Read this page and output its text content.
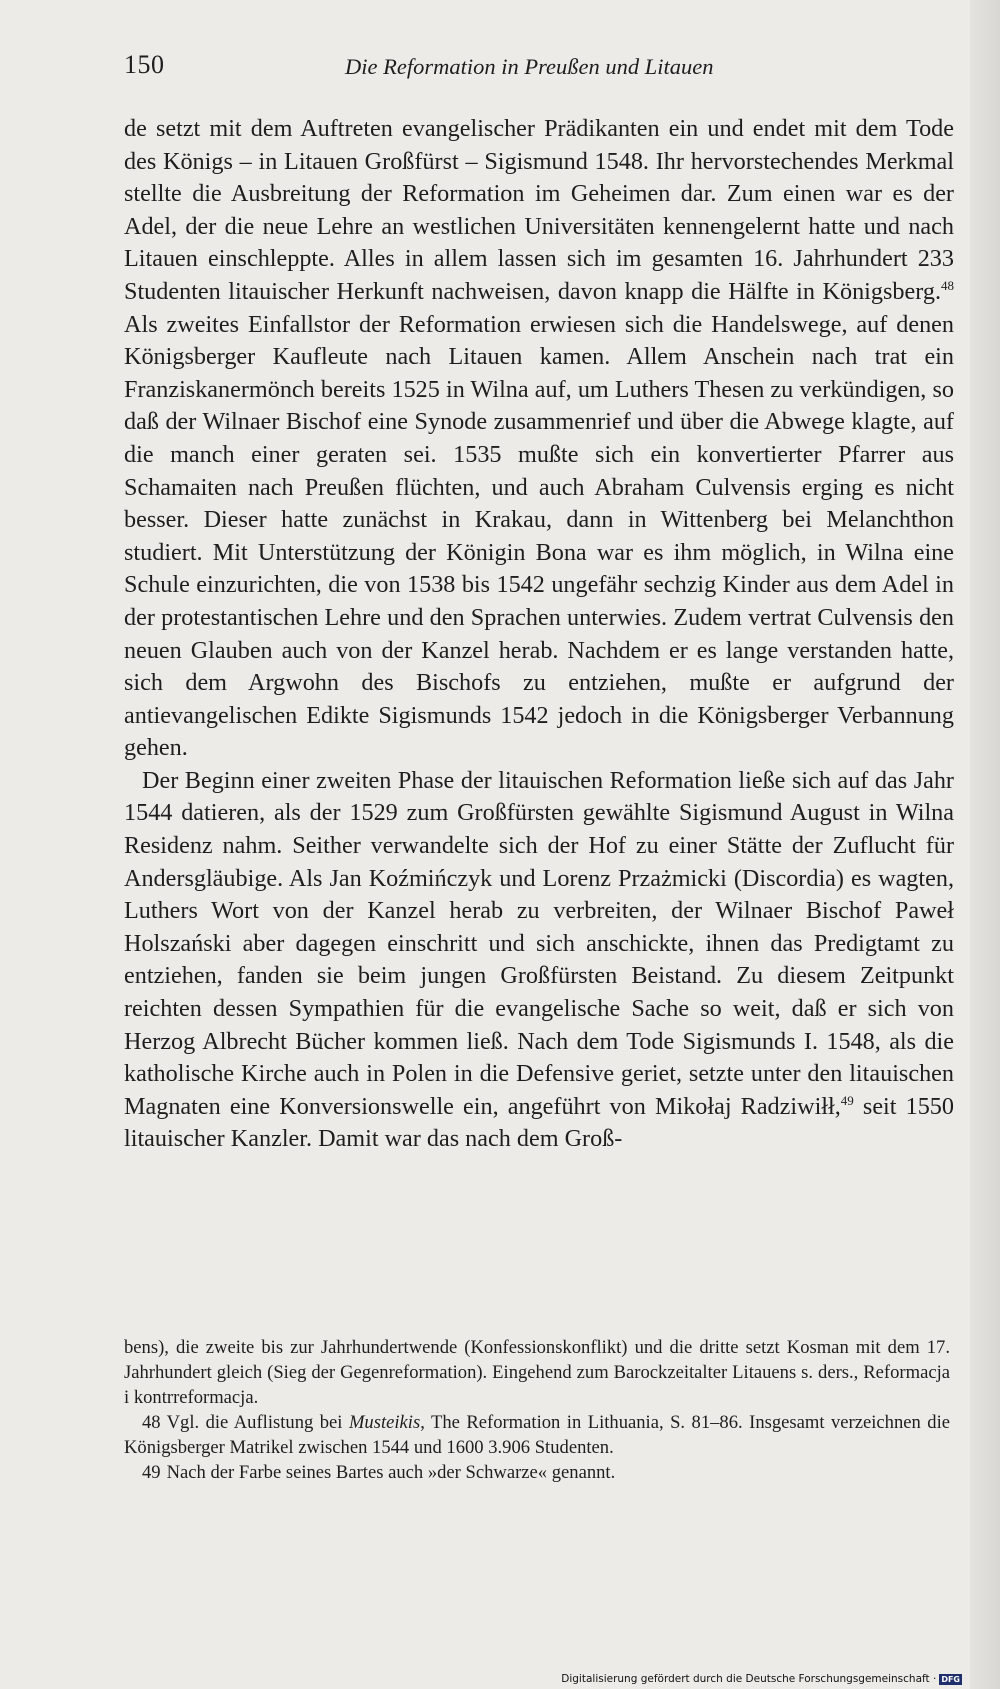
150	Die Reformation in Preußen und Litauen

de setzt mit dem Auftreten evangelischer Prädikanten ein und endet mit dem Tode des Königs – in Litauen Großfürst – Sigismund 1548. Ihr hervorstechendes Merkmal stellte die Ausbreitung der Reformation im Geheimen dar. Zum einen war es der Adel, der die neue Lehre an westlichen Universitäten kennengelernt hatte und nach Litauen einschleppte. Alles in allem lassen sich im gesamten 16. Jahrhundert 233 Studenten litauischer Herkunft nachweisen, davon knapp die Hälfte in Königsberg.$^{48}$ Als zweites Einfallstor der Reformation erwiesen sich die Handelswege, auf denen Königsberger Kaufleute nach Litauen kamen. Allem Anschein nach trat ein Franziskanermönch bereits 1525 in Wilna auf, um Luthers Thesen zu verkündigen, so daß der Wilnaer Bischof eine Synode zusammenrief und über die Abwege klagte, auf die manch einer geraten sei. 1535 mußte sich ein konvertierter Pfarrer aus Schamaiten nach Preußen flüchten, und auch Abraham Culvensis erging es nicht besser. Dieser hatte zunächst in Krakau, dann in Wittenberg bei Melanchthon studiert. Mit Unterstützung der Königin Bona war es ihm möglich, in Wilna eine Schule einzurichten, die von 1538 bis 1542 ungefähr sechzig Kinder aus dem Adel in der protestantischen Lehre und den Sprachen unterwies. Zudem vertrat Culvensis den neuen Glauben auch von der Kanzel herab. Nachdem er es lange verstanden hatte, sich dem Argwohn des Bischofs zu entziehen, mußte er aufgrund der antievangelischen Edikte Sigismunds 1542 jedoch in die Königsberger Verbannung gehen.

Der Beginn einer zweiten Phase der litauischen Reformation ließe sich auf das Jahr 1544 datieren, als der 1529 zum Großfürsten gewählte Sigismund August in Wilna Residenz nahm. Seither verwandelte sich der Hof zu einer Stätte der Zuflucht für Andersgläubige. Als Jan Koźmińczyk und Lorenz Przażmicki (Discordia) es wagten, Luthers Wort von der Kanzel herab zu verbreiten, der Wilnaer Bischof Paweł Holszański aber dagegen einschritt und sich anschickte, ihnen das Predigtamt zu entziehen, fanden sie beim jungen Großfürsten Beistand. Zu diesem Zeitpunkt reichten dessen Sympathien für die evangelische Sache so weit, daß er sich von Herzog Albrecht Bücher kommen ließ. Nach dem Tode Sigismunds I. 1548, als die katholische Kirche auch in Polen in die Defensive geriet, setzte unter den litauischen Magnaten eine Konversionswelle ein, angeführt von Mikołaj Radziwiłł,$^{49}$ seit 1550 litauischer Kanzler. Damit war das nach dem Groß-

bens), die zweite bis zur Jahrhundertwende (Konfessionskonflikt) und die dritte setzt Kosman mit dem 17. Jahrhundert gleich (Sieg der Gegenreformation). Eingehend zum Barockzeitalter Litauens s. ders., Reformacja i kontrreformacja.

48 Vgl. die Auflistung bei Musteikis, The Reformation in Lithuania, S. 81–86. Insgesamt verzeichnen die Königsberger Matrikel zwischen 1544 und 1600 3.906 Studenten.

49 Nach der Farbe seines Bartes auch »der Schwarze« genannt.

Digitalisierung gefördert durch die Deutsche Forschungsgemeinschaft · DFG
